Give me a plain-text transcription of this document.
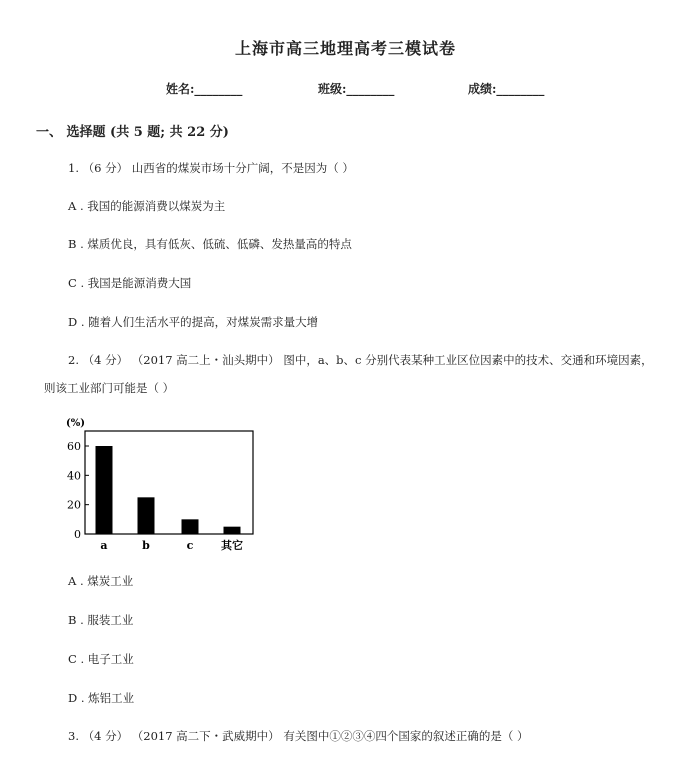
上海市高三地理高考三模试卷
姓名:________	班级:________	成绩:________
一、 选择题 (共 5 题; 共 22 分)
1. （6 分） 山西省的煤炭市场十分广阔，不是因为（ ）
A . 我国的能源消费以煤炭为主
B . 煤质优良，具有低灰、低硫、低磷、发热量高的特点
C . 我国是能源消费大国
D . 随着人们生活水平的提高，对煤炭需求量大增
2. （4 分） （2017 高二上・汕头期中） 图中，a、b、c 分别代表某种工业区位因素中的技术、交通和环境因素，
则该工业部门可能是（ ）
(%)
0
20
40
60
a	b	c	其它
A . 煤炭工业
B . 服装工业
C . 电子工业
D . 炼铝工业
3. （4 分） （2017 高二下・武威期中） 有关图中①②③④四个国家的叙述正确的是（ ）
